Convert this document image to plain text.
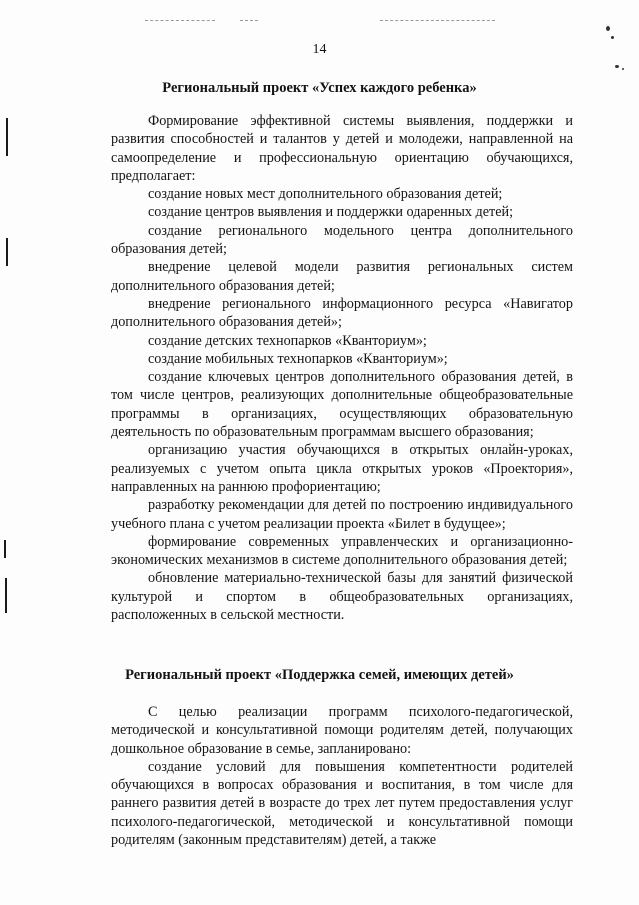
14
Региональный проект «Успех каждого ребенка»

Формирование эффективной системы выявления, поддержки и развития способностей и талантов у детей и молодежи, направленной на самоопределение и профессиональную ориентацию обучающихся, предполагает:

создание новых мест дополнительного образования детей;

создание центров выявления и поддержки одаренных детей;

создание регионального модельного центра дополнительного образования детей;

внедрение целевой модели развития региональных систем дополнительного образования детей;

внедрение регионального информационного ресурса «Навигатор дополнительного образования детей»;

создание детских технопарков «Кванториум»;

создание мобильных технопарков «Кванториум»;

создание ключевых центров дополнительного образования детей, в том числе центров, реализующих дополнительные общеобразовательные программы в организациях, осуществляющих образовательную деятельность по образовательным программам высшего образования;

организацию участия обучающихся в открытых онлайн-уроках, реализуемых с учетом опыта цикла открытых уроков «Проектория», направленных на раннюю профориентацию;

разработку рекомендации для детей по построению индивидуального учебного плана с учетом реализации проекта «Билет в будущее»;

формирование современных управленческих и организационно-экономических механизмов в системе дополнительного образования детей;

обновление материально-технической базы для занятий физической культурой и спортом в общеобразовательных организациях, расположенных в сельской местности.

Региональный проект «Поддержка семей, имеющих детей»

С целью реализации программ психолого-педагогической, методической и консультативной помощи родителям детей, получающих дошкольное образование в семье, запланировано:

создание условий для повышения компетентности родителей обучающихся в вопросах образования и воспитания, в том числе для раннего развития детей в возрасте до трех лет путем предоставления услуг психолого-педагогической, методической и консультативной помощи родителям (законным представителям) детей, а также
